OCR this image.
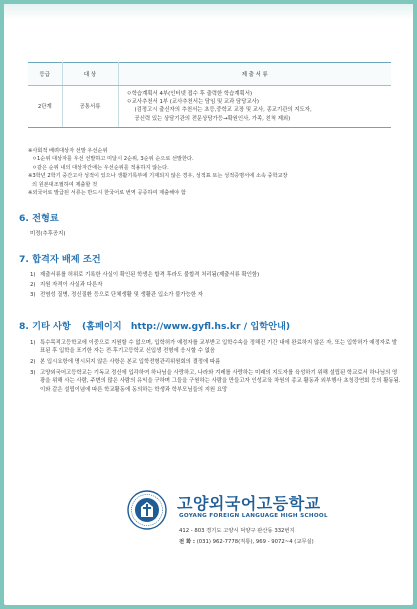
등급	대 상	제 출 서 류
2단계	공통서류	ㅇ학습계획서 4부(인터넷 접수 후 출력한 학습계획서)
ㅇ교사추천서 1부 (교사추천서는 담임 및 교과 담당교사)
(검정고시 출신자의 추천서는 초등,중학교 교장 및 교사, 종교기관의 지도자,
공신력 있는 상담기관의 전문상담가등→확원인사, 가족, 친척 제외)
※사회적 배려대상자 선발 우선순위
ㅇ1순위 대상자를 우선 선발하고 미달시 2순위, 3순위 순으로 선발한다.
ㅇ같은 순위 내의 대상자간에는 우선순위를 적용하지 않는다.
※3학년 2학기 중간고사 성적이 있으나 생활기록부에 기재되지 않은 경우, 성적표 또는 성적증명서에 소속 중학교장
의 원본대조필하여 제출할 것
※외국어로 발급된 서류는 반드시 한국어로 번역 공증하여 제출해야 함
6. 전형료
미정(추후공지)
7. 합격자 배제 조건
1) 제출서류를 허위로 기록한 사실이 확인된 학생은 합격 후라도 불합격 처리됨(제출서류 확인함)
2) 지원 자격이 사실과 다른자
3) 전염성 질병, 정신질환 등으로 단체생활 및 생활관 입소가 불가능한 자
8. 기타 사항 (홈페이지 http://www.gyfl.hs.kr / 입학안내)
1) 특수목적고등학교에 이중으로 지원할 수 없으며, 입학허가 예정자를 교부받고 입학수속을 정해진 기간 내에 완료하지 않은 자, 또는 입학허가 예정자로 발표된 후 입학을 포기한 자는 전·후기고등학교 신입생 전형에 응시할 수 없음
2) 본 입시요항에 명시되지 않은 사항은 본교 입학전형관리위원회의 결정에 따름
3) 고양외국어고등학교는 기독교 정신에 입각하여 하나님을 사랑하고, 나라와 겨레를 사랑하는 미래의 지도자를 육성하기 위해 설립된 학교로서 하나님의 영광을 위해 사는 사람, 주변의 많은 사람의 유익을 구하며 그들을 구원하는 사람을 만들고자 인성교육 차원의 종교 활동과 외부행사 초청강연회 등의 활동됨. 이와 같은 설립이념에 따른 학교활동에 동의하는 학생과 학부모님들의 지원 요망
고양외국어고등학교
GOYANG FOREIGN LANGUAGE HIGH SCHOOL
412 - 803 경기도 고양시 덕양구 관산동 332번지
전 화 : (031) 962-7778(직통), 969 - 9072~4 (교무실)
